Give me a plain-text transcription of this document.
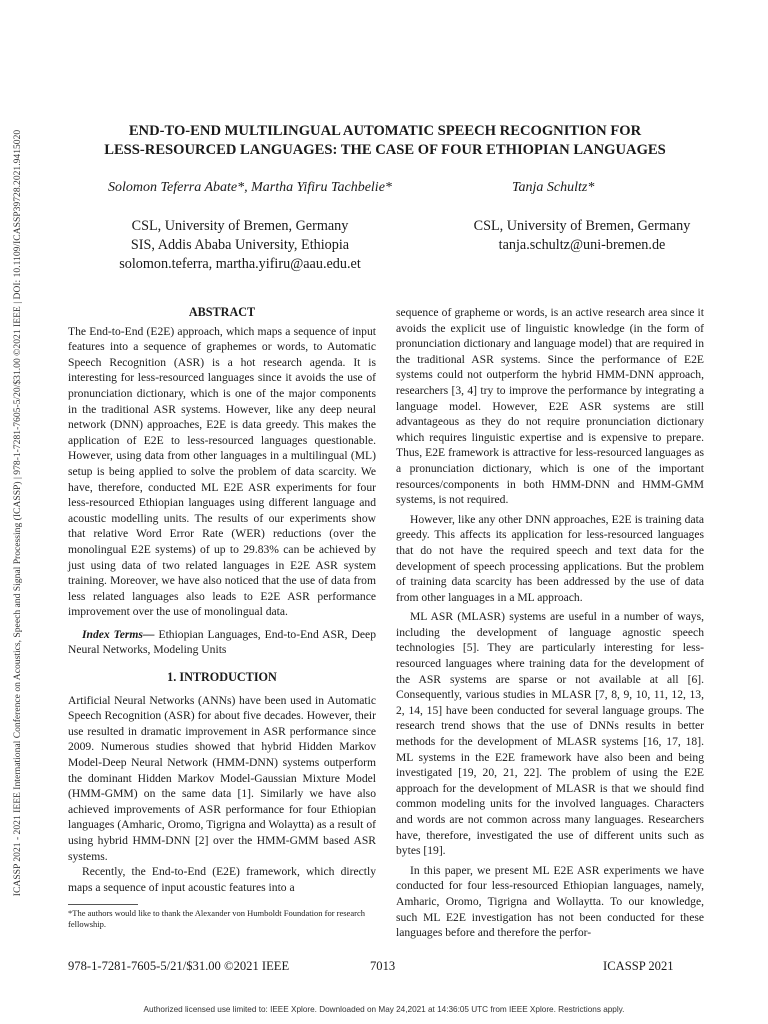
ICASSP 2021 - 2021 IEEE International Conference on Acoustics, Speech and Signal Processing (ICASSP) | 978-1-7281-7605-5/20/$31.00 ©2021 IEEE | DOI: 10.1109/ICASSP39728.2021.9415020	END-TO-END MULTILINGUAL AUTOMATIC SPEECH RECOGNITION FOR
LESS-RESOURCED LANGUAGES: THE CASE OF FOUR ETHIOPIAN LANGUAGES
Solomon Teferra Abate*, Martha Yifiru Tachbelie*	Tanja Schultz*
CSL, University of Bremen, Germany
SIS, Addis Ababa University, Ethiopia
solomon.teferra, martha.yifiru@aau.edu.et
CSL, University of Bremen, Germany
tanja.schultz@uni-bremen.de
ABSTRACT

The End-to-End (E2E) approach, which maps a sequence of input features into a sequence of graphemes or words, to Automatic Speech Recognition (ASR) is a hot research agenda. It is interesting for less-resourced languages since it avoids the use of pronunciation dictionary, which is one of the major components in the traditional ASR systems. However, like any deep neural network (DNN) approaches, E2E is data greedy. This makes the application of E2E to less-resourced languages questionable. However, using data from other languages in a multilingual (ML) setup is being applied to solve the problem of data scarcity. We have, therefore, conducted ML E2E ASR experiments for four less-resourced Ethiopian languages using different language and acoustic modelling units. The results of our experiments show that relative Word Error Rate (WER) reductions (over the monolingual E2E systems) of up to 29.83% can be achieved by just using data of two related languages in E2E ASR system training. Moreover, we have also noticed that the use of data from less related languages also leads to E2E ASR performance improvement over the use of monolingual data.

Index Terms— Ethiopian Languages, End-to-End ASR, Deep Neural Networks, Modeling Units

1. INTRODUCTION

Artificial Neural Networks (ANNs) have been used in Automatic Speech Recognition (ASR) for about five decades. However, their use resulted in dramatic improvement in ASR performance since 2009. Numerous studies showed that hybrid Hidden Markov Model-Deep Neural Network (HMM-DNN) systems outperform the dominant Hidden Markov Model-Gaussian Mixture Model (HMM-GMM) on the same data [1]. Similarly we have also achieved improvements of ASR performance for four Ethiopian languages (Amharic, Oromo, Tigrigna and Wolaytta) as a result of using hybrid HMM-DNN [2] over the HMM-GMM based ASR systems.

Recently, the End-to-End (E2E) framework, which directly maps a sequence of input acoustic features into a

*The authors would like to thank the Alexander von Humboldt Foundation for research fellowship.

sequence of grapheme or words, is an active research area since it avoids the explicit use of linguistic knowledge (in the form of pronunciation dictionary and language model) that are required in the traditional ASR systems. Since the performance of E2E systems could not outperform the hybrid HMM-DNN approach, researchers [3, 4] try to improve the performance by integrating a language model. However, E2E ASR systems are still advantageous as they do not require pronunciation dictionary which requires linguistic expertise and is expensive to prepare. Thus, E2E framework is attractive for less-resourced languages as a pronunciation dictionary, which is one of the important resources/components in both HMM-DNN and HMM-GMM systems, is not required.

However, like any other DNN approaches, E2E is training data greedy. This affects its application for less-resourced languages that do not have the required speech and text data for the development of speech processing applications. But the problem of training data scarcity has been addressed by the use of data from other languages in a ML approach.

ML ASR (MLASR) systems are useful in a number of ways, including the development of language agnostic speech technologies [5]. They are particularly interesting for less-resourced languages where training data for the development of the ASR systems are sparse or not available at all [6]. Consequently, various studies in MLASR [7, 8, 9, 10, 11, 12, 13, 2, 14, 15] have been conducted for several language groups. The research trend shows that the use of DNNs results in better methods for the development of MLASR systems [16, 17, 18]. ML systems in the E2E framework have also been and being investigated [19, 20, 21, 22]. The problem of using the E2E approach for the development of MLASR is that we should find common modeling units for the involved languages. Characters and words are not common across many languages. Researchers have, therefore, investigated the use of different units such as bytes [19].

In this paper, we present ML E2E ASR experiments we have conducted for four less-resourced Ethiopian languages, namely, Amharic, Oromo, Tigrigna and Wollaytta. To our knowledge, such ML E2E investigation has not been conducted for these languages before and therefore the perfor-

978-1-7281-7605-5/21/$31.00 ©2021 IEEE	7013	ICASSP 2021
Authorized licensed use limited to: IEEE Xplore. Downloaded on May 24,2021 at 14:36:05 UTC from IEEE Xplore. Restrictions apply.
